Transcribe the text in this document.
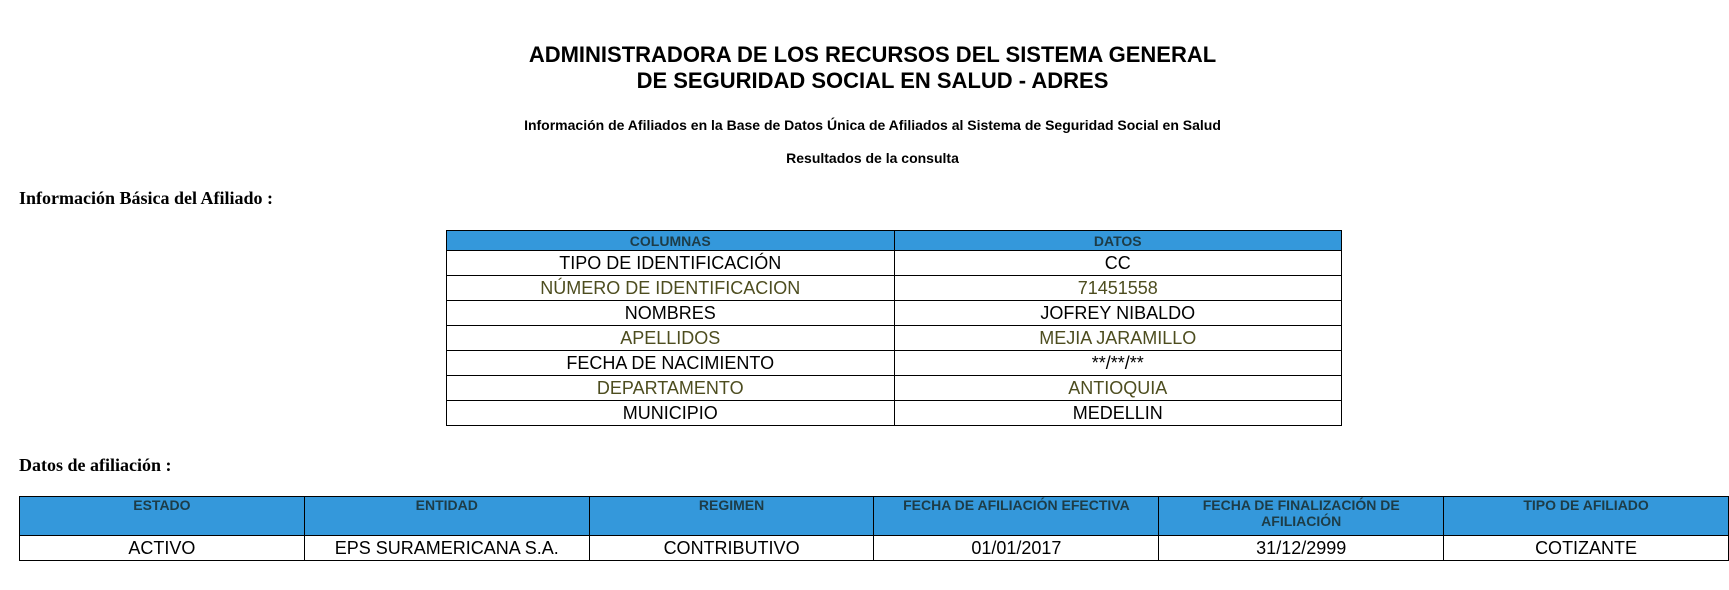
ADMINISTRADORA DE LOS RECURSOS DEL SISTEMA GENERAL
DE SEGURIDAD SOCIAL EN SALUD - ADRES
Información de Afiliados en la Base de Datos Única de Afiliados al Sistema de Seguridad Social en Salud
Resultados de la consulta
Información Básica del Afiliado :
COLUMNAS	DATOS
TIPO DE IDENTIFICACIÓN	CC
NÚMERO DE IDENTIFICACION	71451558
NOMBRES	JOFREY NIBALDO
APELLIDOS	MEJIA JARAMILLO
FECHA DE NACIMIENTO	**/**/**
DEPARTAMENTO	ANTIOQUIA
MUNICIPIO	MEDELLIN
Datos de afiliación :
ESTADO	ENTIDAD	REGIMEN	FECHA DE AFILIACIÓN EFECTIVA	FECHA DE FINALIZACIÓN DE AFILIACIÓN	TIPO DE AFILIADO
ACTIVO	EPS SURAMERICANA S.A.	CONTRIBUTIVO	01/01/2017	31/12/2999	COTIZANTE
